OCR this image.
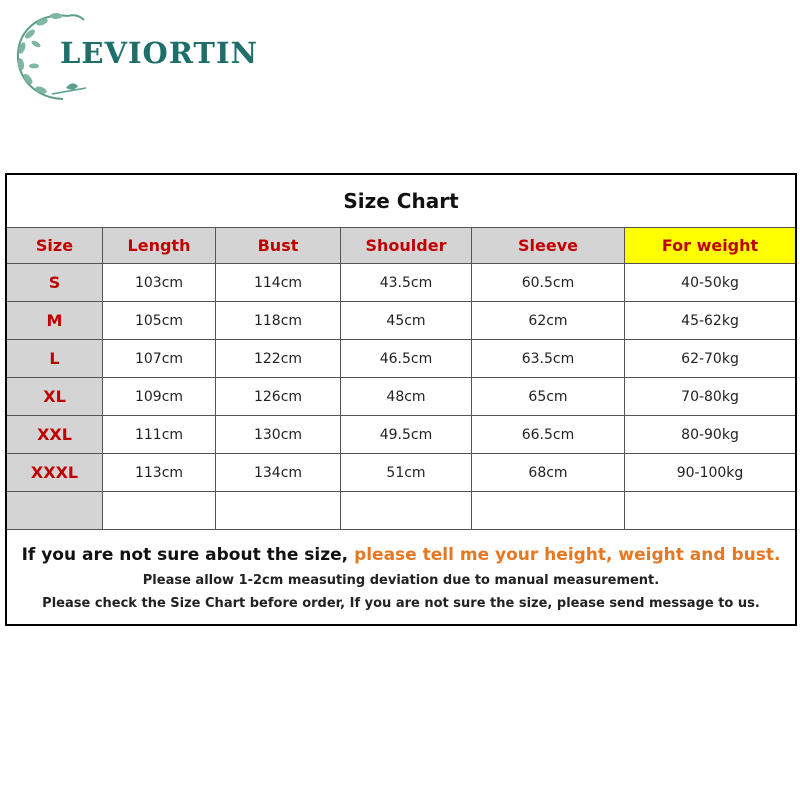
LEVIORTIN
Size Chart
Size	Length	Bust	Shoulder	Sleeve	For weight
S	103cm	114cm	43.5cm	60.5cm	40-50kg
M	105cm	118cm	45cm	62cm	45-62kg
L	107cm	122cm	46.5cm	63.5cm	62-70kg
XL	109cm	126cm	48cm	65cm	70-80kg
XXL	111cm	130cm	49.5cm	66.5cm	80-90kg
XXXL	113cm	134cm	51cm	68cm	90-100kg
If you are not sure about the size, please tell me your height, weight and bust.
Please allow 1-2cm measuting deviation due to manual measurement.
Please check the Size Chart before order, If you are not sure the size, please send message to us.
